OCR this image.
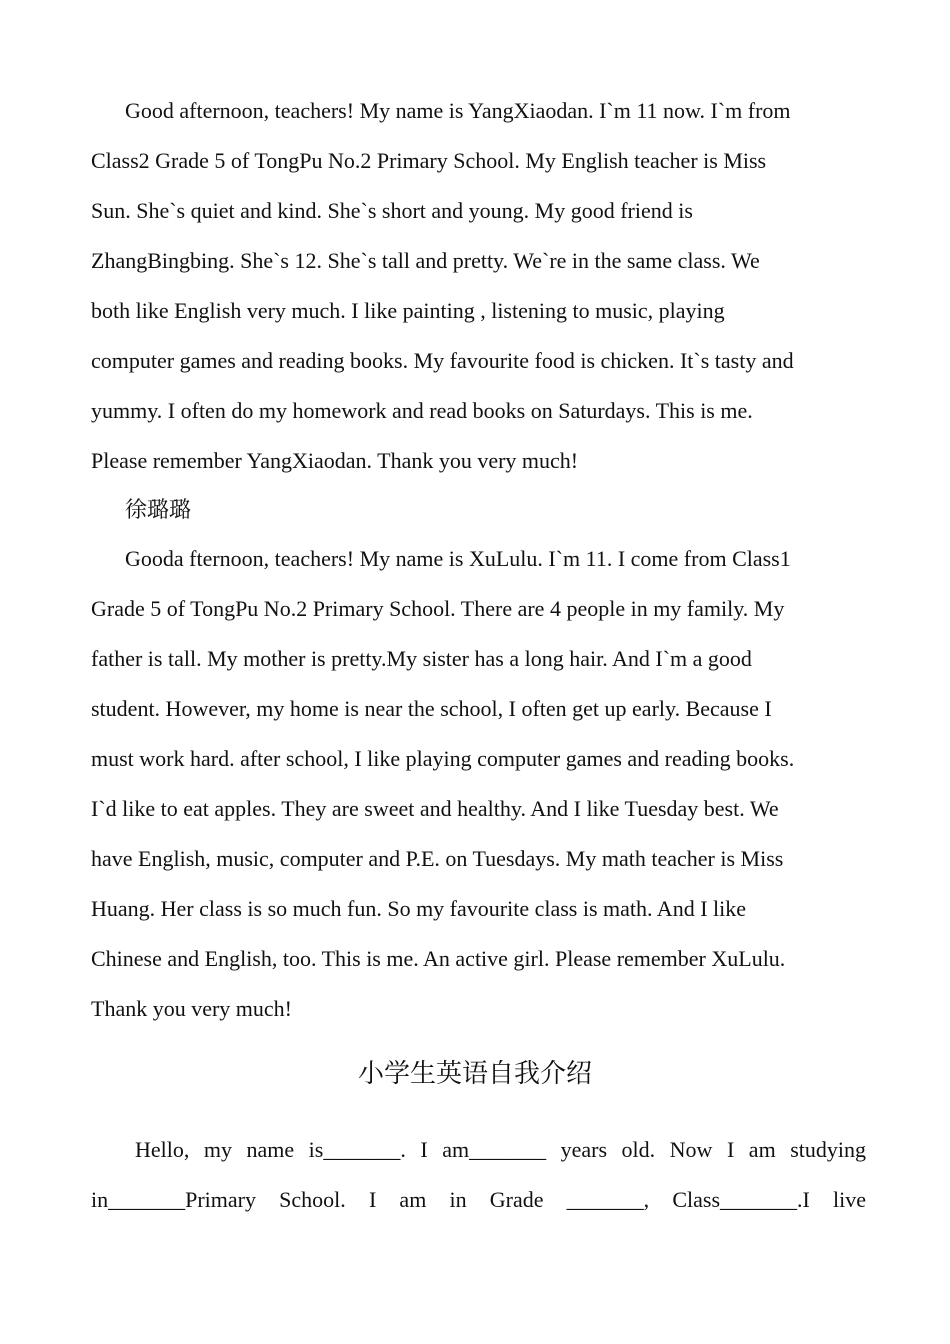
Good afternoon, teachers! My name is YangXiaodan. I`m 11 now. I`m from

Class2 Grade 5 of TongPu No.2 Primary School. My English teacher is Miss

Sun. She`s quiet and kind. She`s short and young. My good friend is

ZhangBingbing. She`s 12. She`s tall and pretty. We`re in the same class. We

both like English very much. I like painting , listening to music, playing

computer games and reading books. My favourite food is chicken. It`s tasty and

yummy. I often do my homework and read books on Saturdays. This is me.

Please remember YangXiaodan. Thank you very much!

徐璐璐

Gooda fternoon, teachers! My name is XuLulu. I`m 11. I come from Class1

Grade 5 of TongPu No.2 Primary School. There are 4 people in my family. My

father is tall. My mother is pretty.My sister has a long hair. And I`m a good

student. However, my home is near the school, I often get up early. Because I

must work hard. after school, I like playing computer games and reading books.

I`d like to eat apples. They are sweet and healthy. And I like Tuesday best. We

have English, music, computer and P.E. on Tuesdays. My math teacher is Miss

Huang. Her class is so much fun. So my favourite class is math. And I like

Chinese and English, too. This is me. An active girl. Please remember XuLulu.

Thank you very much!

小学生英语自我介绍

Hello, my name is_______. I am_______ years old. Now I am studying

in_______Primary School. I am in Grade _______, Class_______.I live
